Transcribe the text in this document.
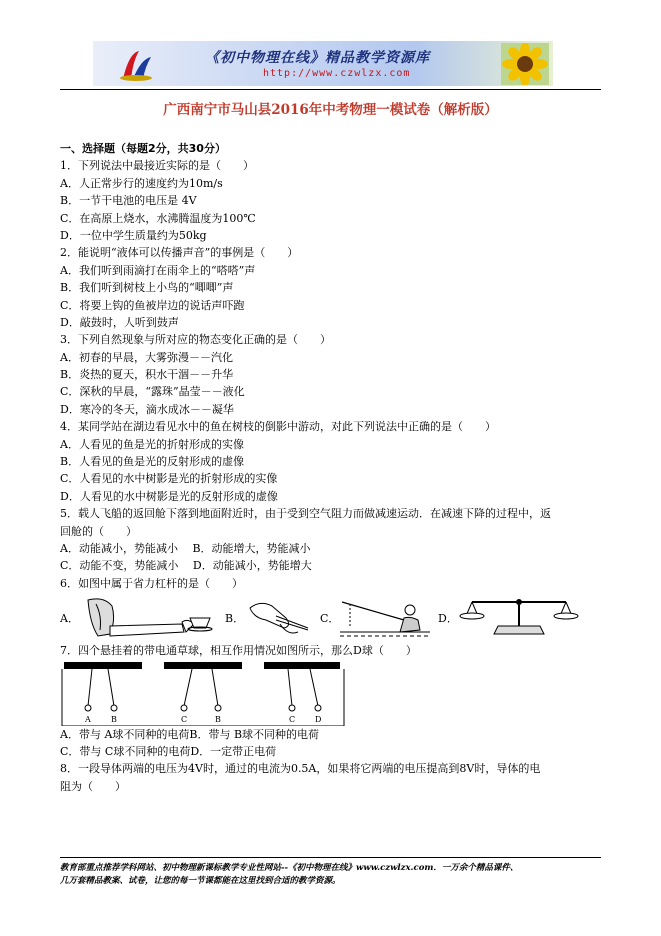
《初中物理在线》精品教学资源库
http://www.czwlzx.com
广西南宁市马山县2016年中考物理一模试卷（解析版）
一、选择题（每题2分，共30分）
1．下列说法中最接近实际的是（　　）
A．人正常步行的速度约为10m/s
B．一节干电池的电压是 4V
C．在高原上烧水，水沸腾温度为100℃
D．一位中学生质量约为50kg
2．能说明“液体可以传播声音”的事例是（　　）
A．我们听到雨滴打在雨伞上的“嗒嗒”声
B．我们听到树枝上小鸟的“唧唧”声
C．将要上钩的鱼被岸边的说话声吓跑
D．敲鼓时，人听到鼓声
3．下列自然现象与所对应的物态变化正确的是（　　）
A．初春的早晨，大雾弥漫－－汽化
B．炎热的夏天，积水干涸－－升华
C．深秋的早晨，“露珠”晶莹－－液化
D．寒冷的冬天，滴水成冰－－凝华
4．某同学站在湖边看见水中的鱼在树枝的倒影中游动，对此下列说法中正确的是（　　）
A．人看见的鱼是光的折射形成的实像
B．人看见的鱼是光的反射形成的虚像
C．人看见的水中树影是光的折射形成的实像
D．人看见的水中树影是光的反射形成的虚像
5．载人飞船的返回舱下落到地面附近时，由于受到空气阻力而做减速运动．在减速下降的过程中，返
回舱的（　　）
A．动能减小，势能减小　 B．动能增大，势能减小
C．动能不变，势能减小　 D．动能减小，势能增大
6．如图中属于省力杠杆的是（　　）
A．	B．	C．	D．
7．四个悬挂着的带电通草球，相互作用情况如图所示，那么D球（　　）
A	B	C	B	C D
A．带与 A球不同种的电荷B．带与 B球不同种的电荷
C．带与 C球不同种的电荷D．一定带正电荷
8．一段导体两端的电压为4V时，通过的电流为0.5A，如果将它两端的电压提高到8V时，导体的电
阻为（　　）
教育部重点推荐学科网站、初中物理新课标教学专业性网站--《初中物理在线》www.czwlzx.com．一万余个精品课件、
几万套精品教案、试卷，让您的每一节课都能在这里找到合适的教学资源。
